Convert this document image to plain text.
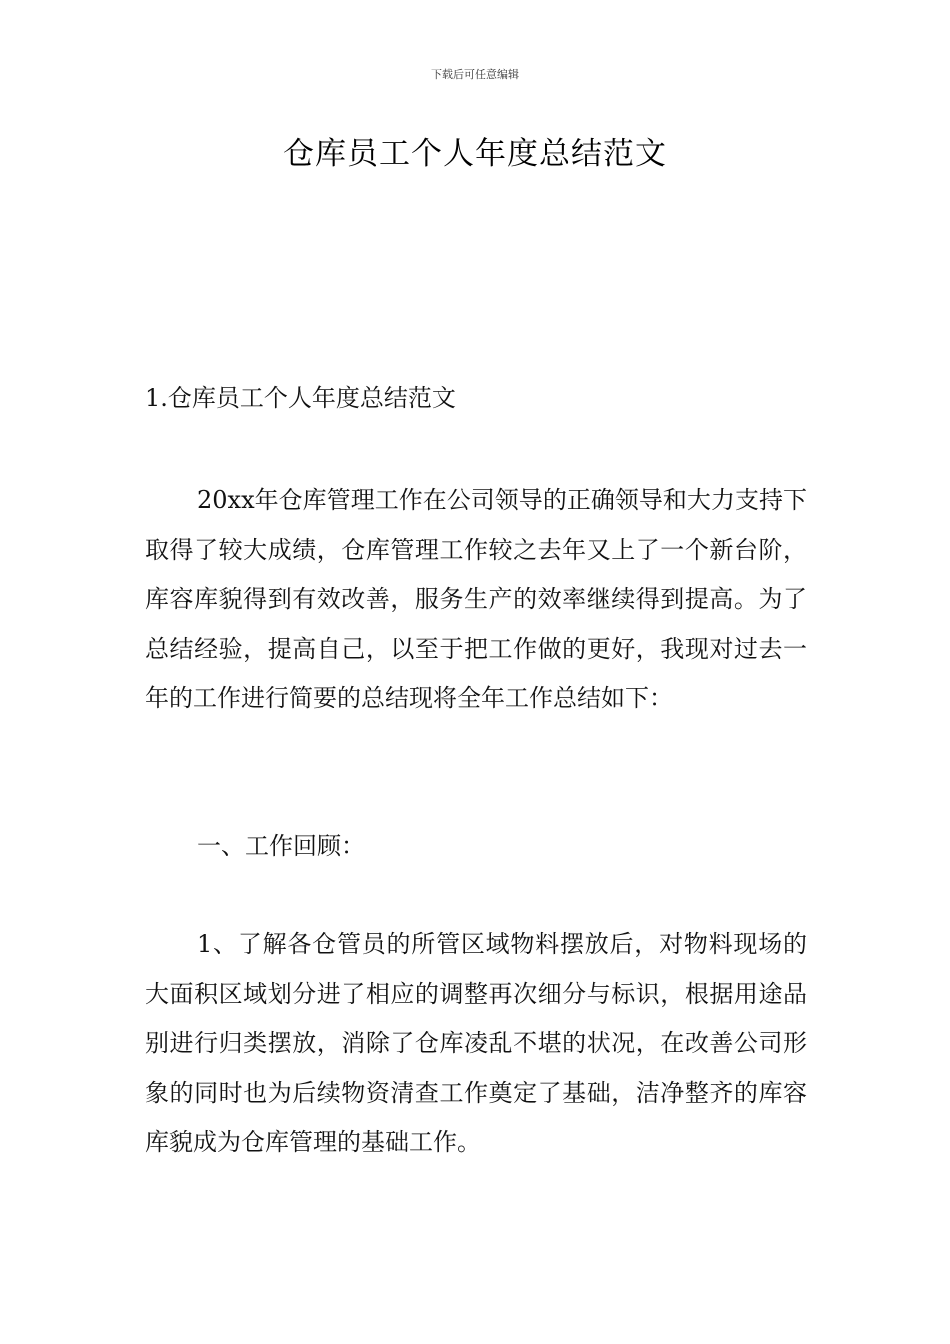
下载后可任意编辑
仓库员工个人年度总结范文
1.仓库员工个人年度总结范文

20xx年仓库管理工作在公司领导的正确领导和大力支持下取得了较大成绩，仓库管理工作较之去年又上了一个新台阶，库容库貌得到有效改善，服务生产的效率继续得到提高。为了总结经验，提高自己，以至于把工作做的更好，我现对过去一年的工作进行简要的总结现将全年工作总结如下：

一、工作回顾：

1、了解各仓管员的所管区域物料摆放后，对物料现场的大面积区域划分进了相应的调整再次细分与标识，根据用途品别进行归类摆放，消除了仓库凌乱不堪的状况，在改善公司形象的同时也为后续物资清查工作奠定了基础，洁净整齐的库容库貌成为仓库管理的基础工作。
